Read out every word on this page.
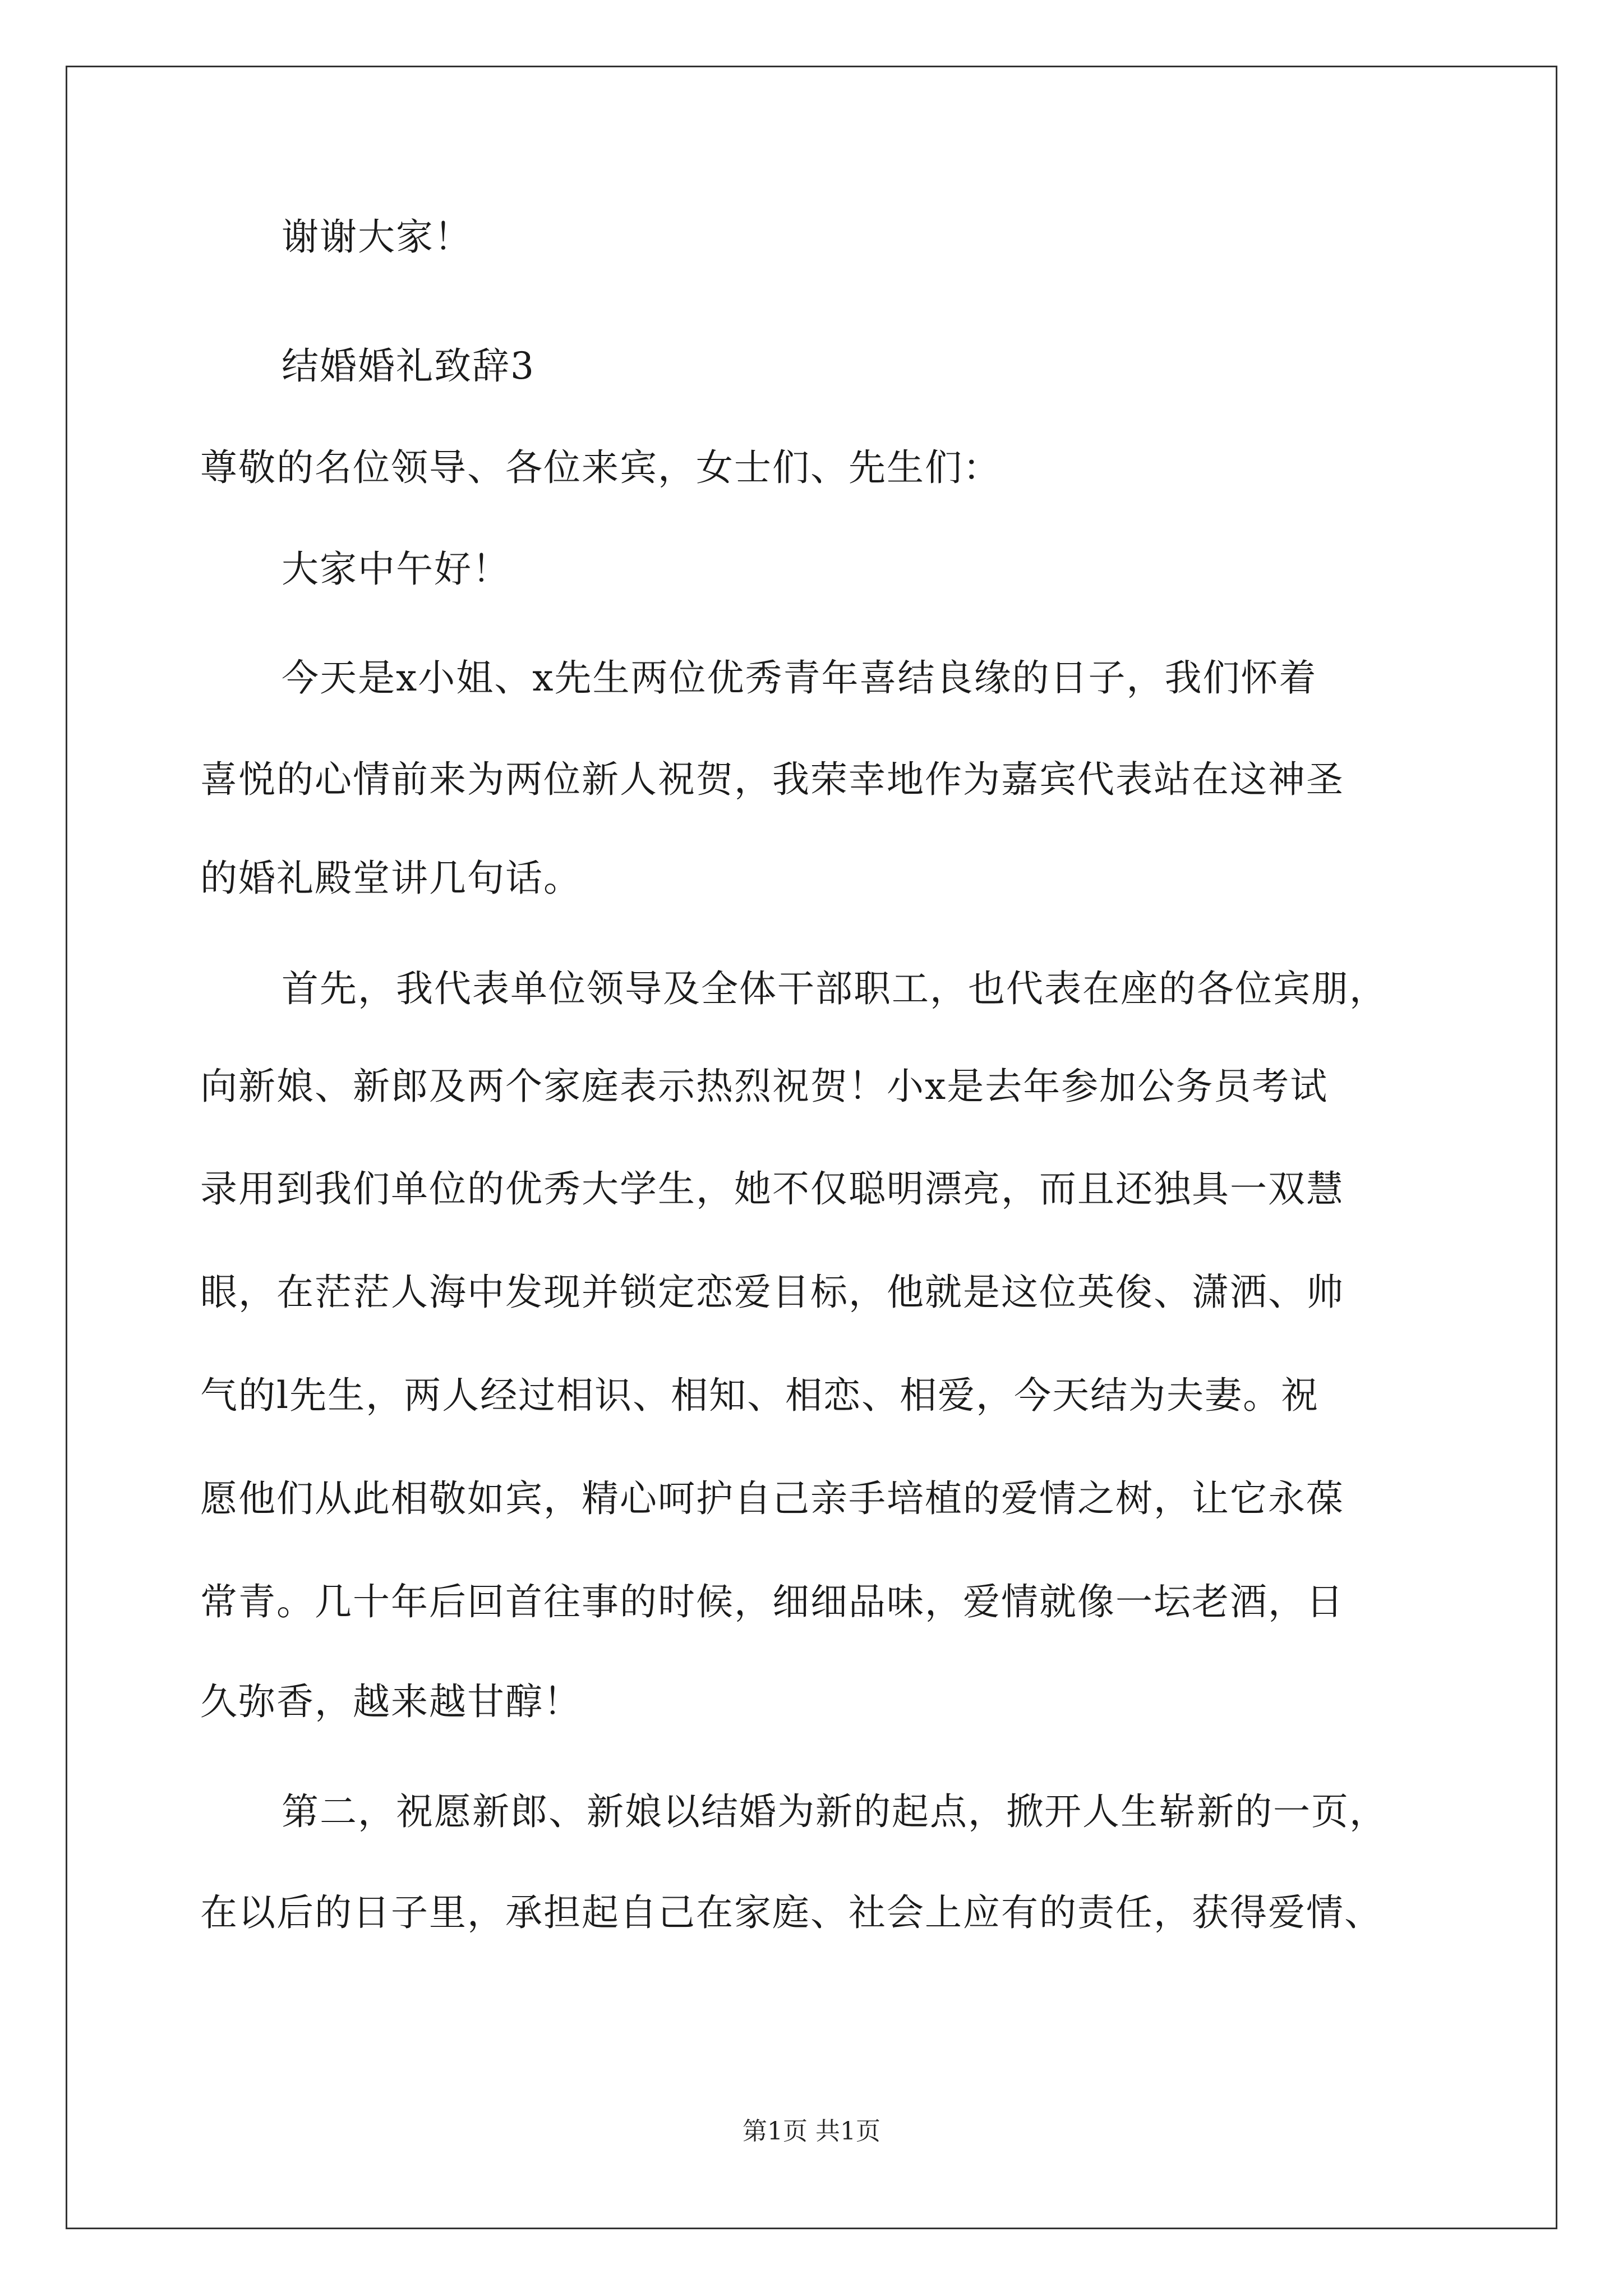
谢谢大家！
结婚婚礼致辞3
尊敬的名位领导、各位来宾，女士们、先生们：
大家中午好！
今天是x小姐、x先生两位优秀青年喜结良缘的日子，我们怀着
喜悦的心情前来为两位新人祝贺，我荣幸地作为嘉宾代表站在这神圣
的婚礼殿堂讲几句话。
首先，我代表单位领导及全体干部职工，也代表在座的各位宾朋，
向新娘、新郎及两个家庭表示热烈祝贺！小x是去年参加公务员考试
录用到我们单位的优秀大学生，她不仅聪明漂亮，而且还独具一双慧
眼，在茫茫人海中发现并锁定恋爱目标，他就是这位英俊、潇洒、帅
气的l先生，两人经过相识、相知、相恋、相爱，今天结为夫妻。祝
愿他们从此相敬如宾，精心呵护自己亲手培植的爱情之树，让它永葆
常青。几十年后回首往事的时候，细细品味，爱情就像一坛老酒，日
久弥香，越来越甘醇！
第二，祝愿新郎、新娘以结婚为新的起点，掀开人生崭新的一页，
在以后的日子里，承担起自己在家庭、社会上应有的责任，获得爱情、
第1页 共1页
